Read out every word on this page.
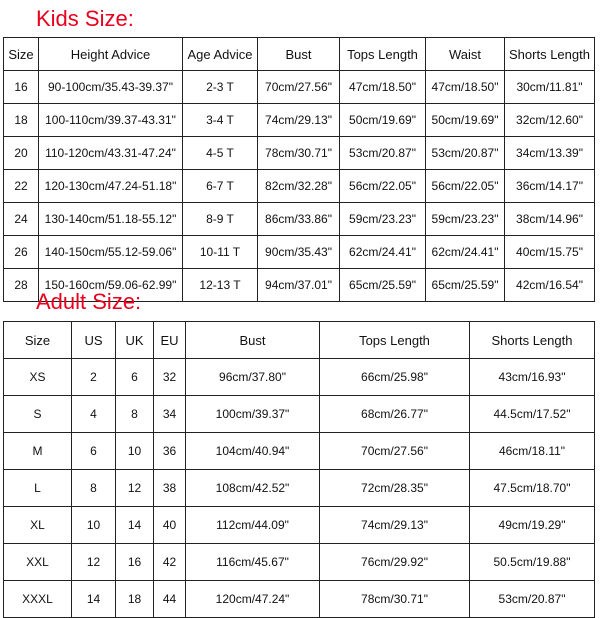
Kids Size:
Size	Height Advice	Age Advice	Bust	Tops Length	Waist	Shorts Length
16	90-100cm/35.43-39.37"	2-3 T	70cm/27.56"	47cm/18.50"	47cm/18.50"	30cm/11.81"
18	100-110cm/39.37-43.31"	3-4 T	74cm/29.13"	50cm/19.69"	50cm/19.69"	32cm/12.60"
20	110-120cm/43.31-47.24"	4-5 T	78cm/30.71"	53cm/20.87"	53cm/20.87"	34cm/13.39"
22	120-130cm/47.24-51.18"	6-7 T	82cm/32.28"	56cm/22.05"	56cm/22.05"	36cm/14.17"
24	130-140cm/51.18-55.12"	8-9 T	86cm/33.86"	59cm/23.23"	59cm/23.23"	38cm/14.96"
26	140-150cm/55.12-59.06"	10-11 T	90cm/35.43"	62cm/24.41"	62cm/24.41"	40cm/15.75"
28	150-160cm/59.06-62.99"	12-13 T	94cm/37.01"	65cm/25.59"	65cm/25.59"	42cm/16.54"
Adult Size:
Size	US	UK	EU	Bust	Tops Length	Shorts Length
XS	2	6	32	96cm/37.80"	66cm/25.98"	43cm/16.93"
S	4	8	34	100cm/39.37"	68cm/26.77"	44.5cm/17.52"
M	6	10	36	104cm/40.94"	70cm/27.56"	46cm/18.11"
L	8	12	38	108cm/42.52"	72cm/28.35"	47.5cm/18.70"
XL	10	14	40	112cm/44.09"	74cm/29.13"	49cm/19.29"
XXL	12	16	42	116cm/45.67"	76cm/29.92"	50.5cm/19.88"
XXXL	14	18	44	120cm/47.24"	78cm/30.71"	53cm/20.87"
